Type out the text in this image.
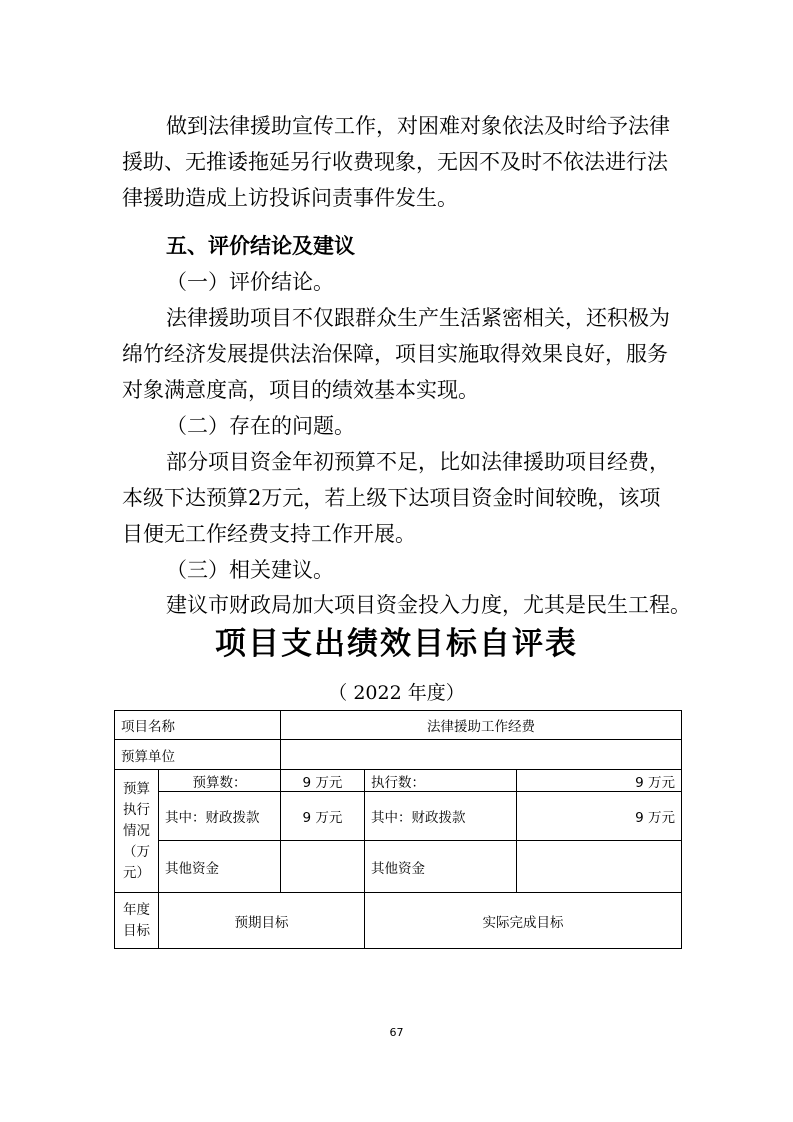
做到法律援助宣传工作，对困难对象依法及时给予法律
援助、无推诿拖延另行收费现象，无因不及时不依法进行法
律援助造成上访投诉问责事件发生。
五、评价结论及建议
（一）评价结论。
法律援助项目不仅跟群众生产生活紧密相关，还积极为
绵竹经济发展提供法治保障，项目实施取得效果良好，服务
对象满意度高，项目的绩效基本实现。
（二）存在的问题。
部分项目资金年初预算不足，比如法律援助项目经费，
本级下达预算2万元，若上级下达项目资金时间较晚，该项
目便无工作经费支持工作开展。
（三）相关建议。
建议市财政局加大项目资金投入力度，尤其是民生工程。
项目支出绩效目标自评表
（ 2022 年度）
项目名称		法律援助工作经费		
预算单位				
预算执行情况（万元）	预算数：	9 万元	执行数：	9 万元
	其中：财政拨款	9 万元	其中：财政拨款	9 万元
	其他资金		其他资金	
年度目标	预期目标		实际完成目标	
67
